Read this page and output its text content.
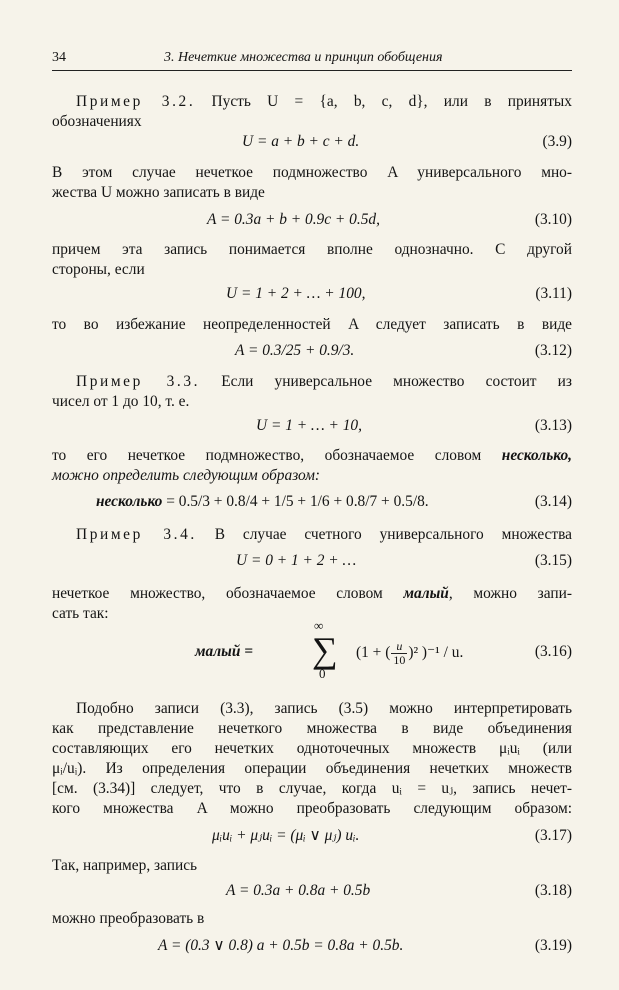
34	3. Нечеткие множества и принцип обобщения

Пример 3.2. Пусть U = {a, b, c, d}, или в принятых

обозначениях

U = a + b + c + d.	(3.9)

В этом случае нечеткое подмножество A универсального мно-

жества U можно записать в виде

A = 0.3a + b + 0.9c + 0.5d,	(3.10)

причем эта запись понимается вполне однозначно. С другой

стороны, если

U = 1 + 2 + … + 100,	(3.11)

то во избежание неопределенностей A следует записать в виде

A = 0.3/25 + 0.9/3.	(3.12)

Пример 3.3. Если универсальное множество состоит из

чисел от 1 до 10, т. е.

U = 1 + … + 10,	(3.13)

то его нечеткое подмножество, обозначаемое словом несколько,

можно определить следующим образом:

несколько = 0.5/3 + 0.8/4 + 1/5 + 1/6 + 0.8/7 + 0.5/8.	(3.14)

Пример 3.4. В случае счетного универсального множества

U = 0 + 1 + 2 + …	(3.15)

нечеткое множество, обозначаемое словом малый, можно запи-

сать так:

малый =
∞
∑
0
(1 + ( $\frac{u}{10} )^2$ )⁻¹ / u.	(3.16)

Подобно записи (3.3), запись (3.5) можно интерпретировать

как представление нечеткого множества в виде объединения

составляющих его нечетких одноточечных множеств μᵢuᵢ (или

μᵢ/uᵢ). Из определения операции объединения нечетких множеств

[см. (3.34)] следует, что в случае, когда uᵢ = uⱼ, запись нечет-

кого множества A можно преобразовать следующим образом:

μᵢuᵢ + μⱼuᵢ = (μᵢ ∨ μⱼ) uᵢ.	(3.17)

Так, например, запись

A = 0.3a + 0.8a + 0.5b	(3.18)

можно преобразовать в

A = (0.3 ∨ 0.8) a + 0.5b = 0.8a + 0.5b.	(3.19)
